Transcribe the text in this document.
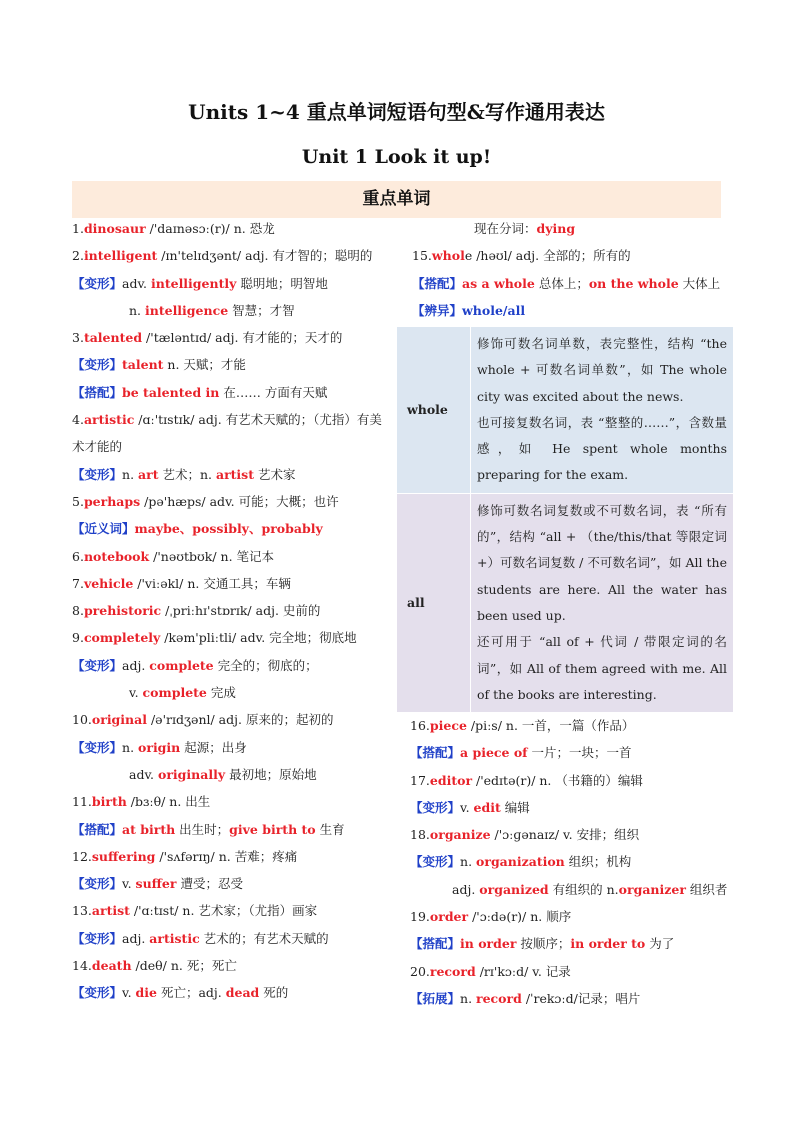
Units 1~4 重点单词短语句型&写作通用表达
Unit 1 Look it up!
重点单词
1.dinosaur /'daɪnəsɔː(r)/ n. 恐龙
2.intelligent /ɪn'telɪdʒənt/ adj. 有才智的；聪明的
【变形】adv. intelligently 聪明地；明智地
n. intelligence 智慧；才智
3.talented /'tæləntɪd/ adj. 有才能的；天才的
【变形】talent n. 天赋；才能
【搭配】be talented in 在…… 方面有天赋
4.artistic /ɑː'tɪstɪk/ adj. 有艺术天赋的；（尤指）有美术才能的
【变形】n. art 艺术；n. artist 艺术家
5.perhaps /pə'hæps/ adv. 可能；大概；也许
【近义词】maybe、possibly、probably
6.notebook /'nəʊtbʊk/ n. 笔记本
7.vehicle /'viːəkl/ n. 交通工具；车辆
8.prehistoric /ˌpriːhɪ'stɒrɪk/ adj. 史前的
9.completely /kəm'pliːtli/ adv. 完全地；彻底地
【变形】adj. complete 完全的；彻底的；
v. complete 完成
10.original /ə'rɪdʒənl/ adj. 原来的；起初的
【变形】n. origin 起源；出身
adv. originally 最初地；原始地
11.birth /bɜːθ/ n. 出生
【搭配】at birth 出生时；give birth to 生育
12.suffering /'sʌfərɪŋ/ n. 苦难；疼痛
【变形】v. suffer 遭受；忍受
13.artist /'ɑːtɪst/ n. 艺术家；（尤指）画家
【变形】adj. artistic 艺术的；有艺术天赋的
14.death /deθ/ n. 死；死亡
【变形】v. die 死亡；adj. dead 死的
现在分词：dying
15.whole /həʊl/ adj. 全部的；所有的
【搭配】as a whole 总体上；on the whole 大体上
【辨异】whole/all
whole	修饰可数名词单数，表完整性，结构 “the whole + 可数名词单数”，如 The whole city was excited about the news.
也可接复数名词，表 “整整的……”，含数量感，如 He spent whole months preparing for the exam.

all	修饰可数名词复数或不可数名词，表 “所有的”，结构 “all + （the/this/that 等限定词 +）可数名词复数 / 不可数名词”，如 All the students are here. All the water has been used up.
还可用于 “all of + 代词 / 带限定词的名词”，如 All of them agreed with me. All of the books are interesting.
16.piece /piːs/ n. 一首，一篇（作品）
【搭配】a piece of 一片；一块；一首
17.editor /'edɪtə(r)/ n. （书籍的）编辑
【变形】v. edit 编辑
18.organize /'ɔːɡənaɪz/ v. 安排；组织
【变形】n. organization 组织；机构
adj. organized 有组织的 n.organizer 组织者
19.order /'ɔːdə(r)/ n. 顺序
【搭配】in order 按顺序；in order to 为了
20.record /rɪ'kɔːd/ v. 记录
【拓展】n. record /ˈrekɔːd/记录；唱片
